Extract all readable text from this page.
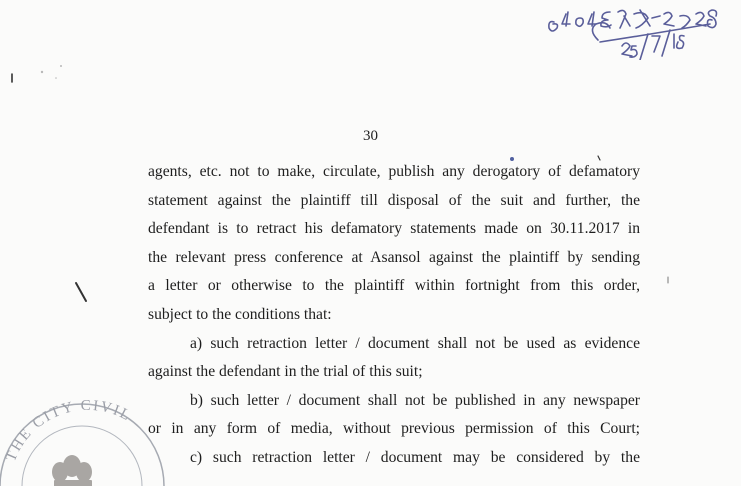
30
agents, etc. not to make, circulate, publish any derogatory of defamatory
statement against the plaintiff till disposal of the suit and further, the
defendant is to retract his defamatory statements made on 30.11.2017 in
the relevant press conference at Asansol against the plaintiff by sending
a letter or otherwise to the plaintiff within fortnight from this order,
subject to the conditions that:
a) such retraction letter / document shall not be used as evidence
against the defendant in the trial of this suit;
b) such letter / document shall not be published in any newspaper
or in any form of media, without previous permission of this Court;
c) such retraction letter / document may be considered by the
THE CITY CIVIL
